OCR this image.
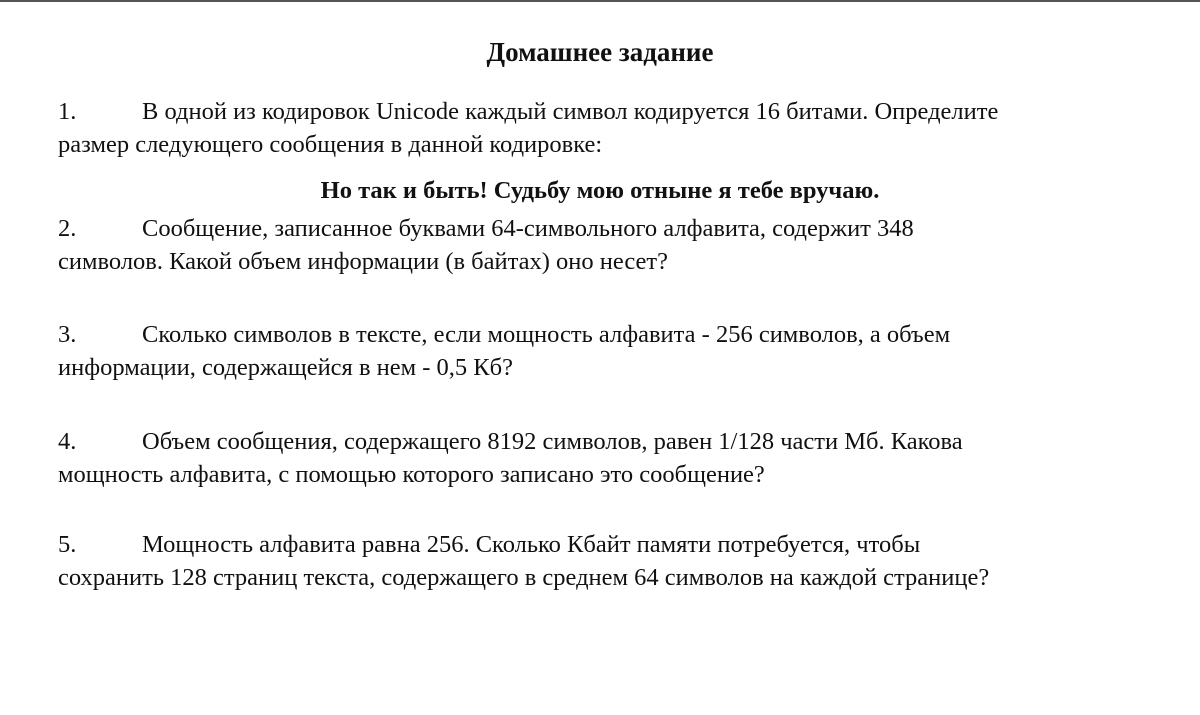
Домашнее задание
1.	В одной из кодировок Unicode каждый символ кодируется 16 битами. Определите
размер следующего сообщения в данной кодировке:
Но так и быть! Судьбу мою отныне я тебе вручаю.
2.	Сообщение, записанное буквами 64-символьного алфавита, содержит 348
символов. Какой объем информации (в байтах) оно несет?
3.	Сколько символов в тексте, если мощность алфавита - 256 символов, а объем
информации, содержащейся в нем - 0,5 Кб?
4.	Объем сообщения, содержащего 8192 символов, равен 1/128 части Мб. Какова
мощность алфавита, с помощью которого записано это сообщение?
5.	Мощность алфавита равна 256. Сколько Кбайт памяти потребуется, чтобы
сохранить 128 страниц текста, содержащего в среднем 64 символов на каждой странице?
